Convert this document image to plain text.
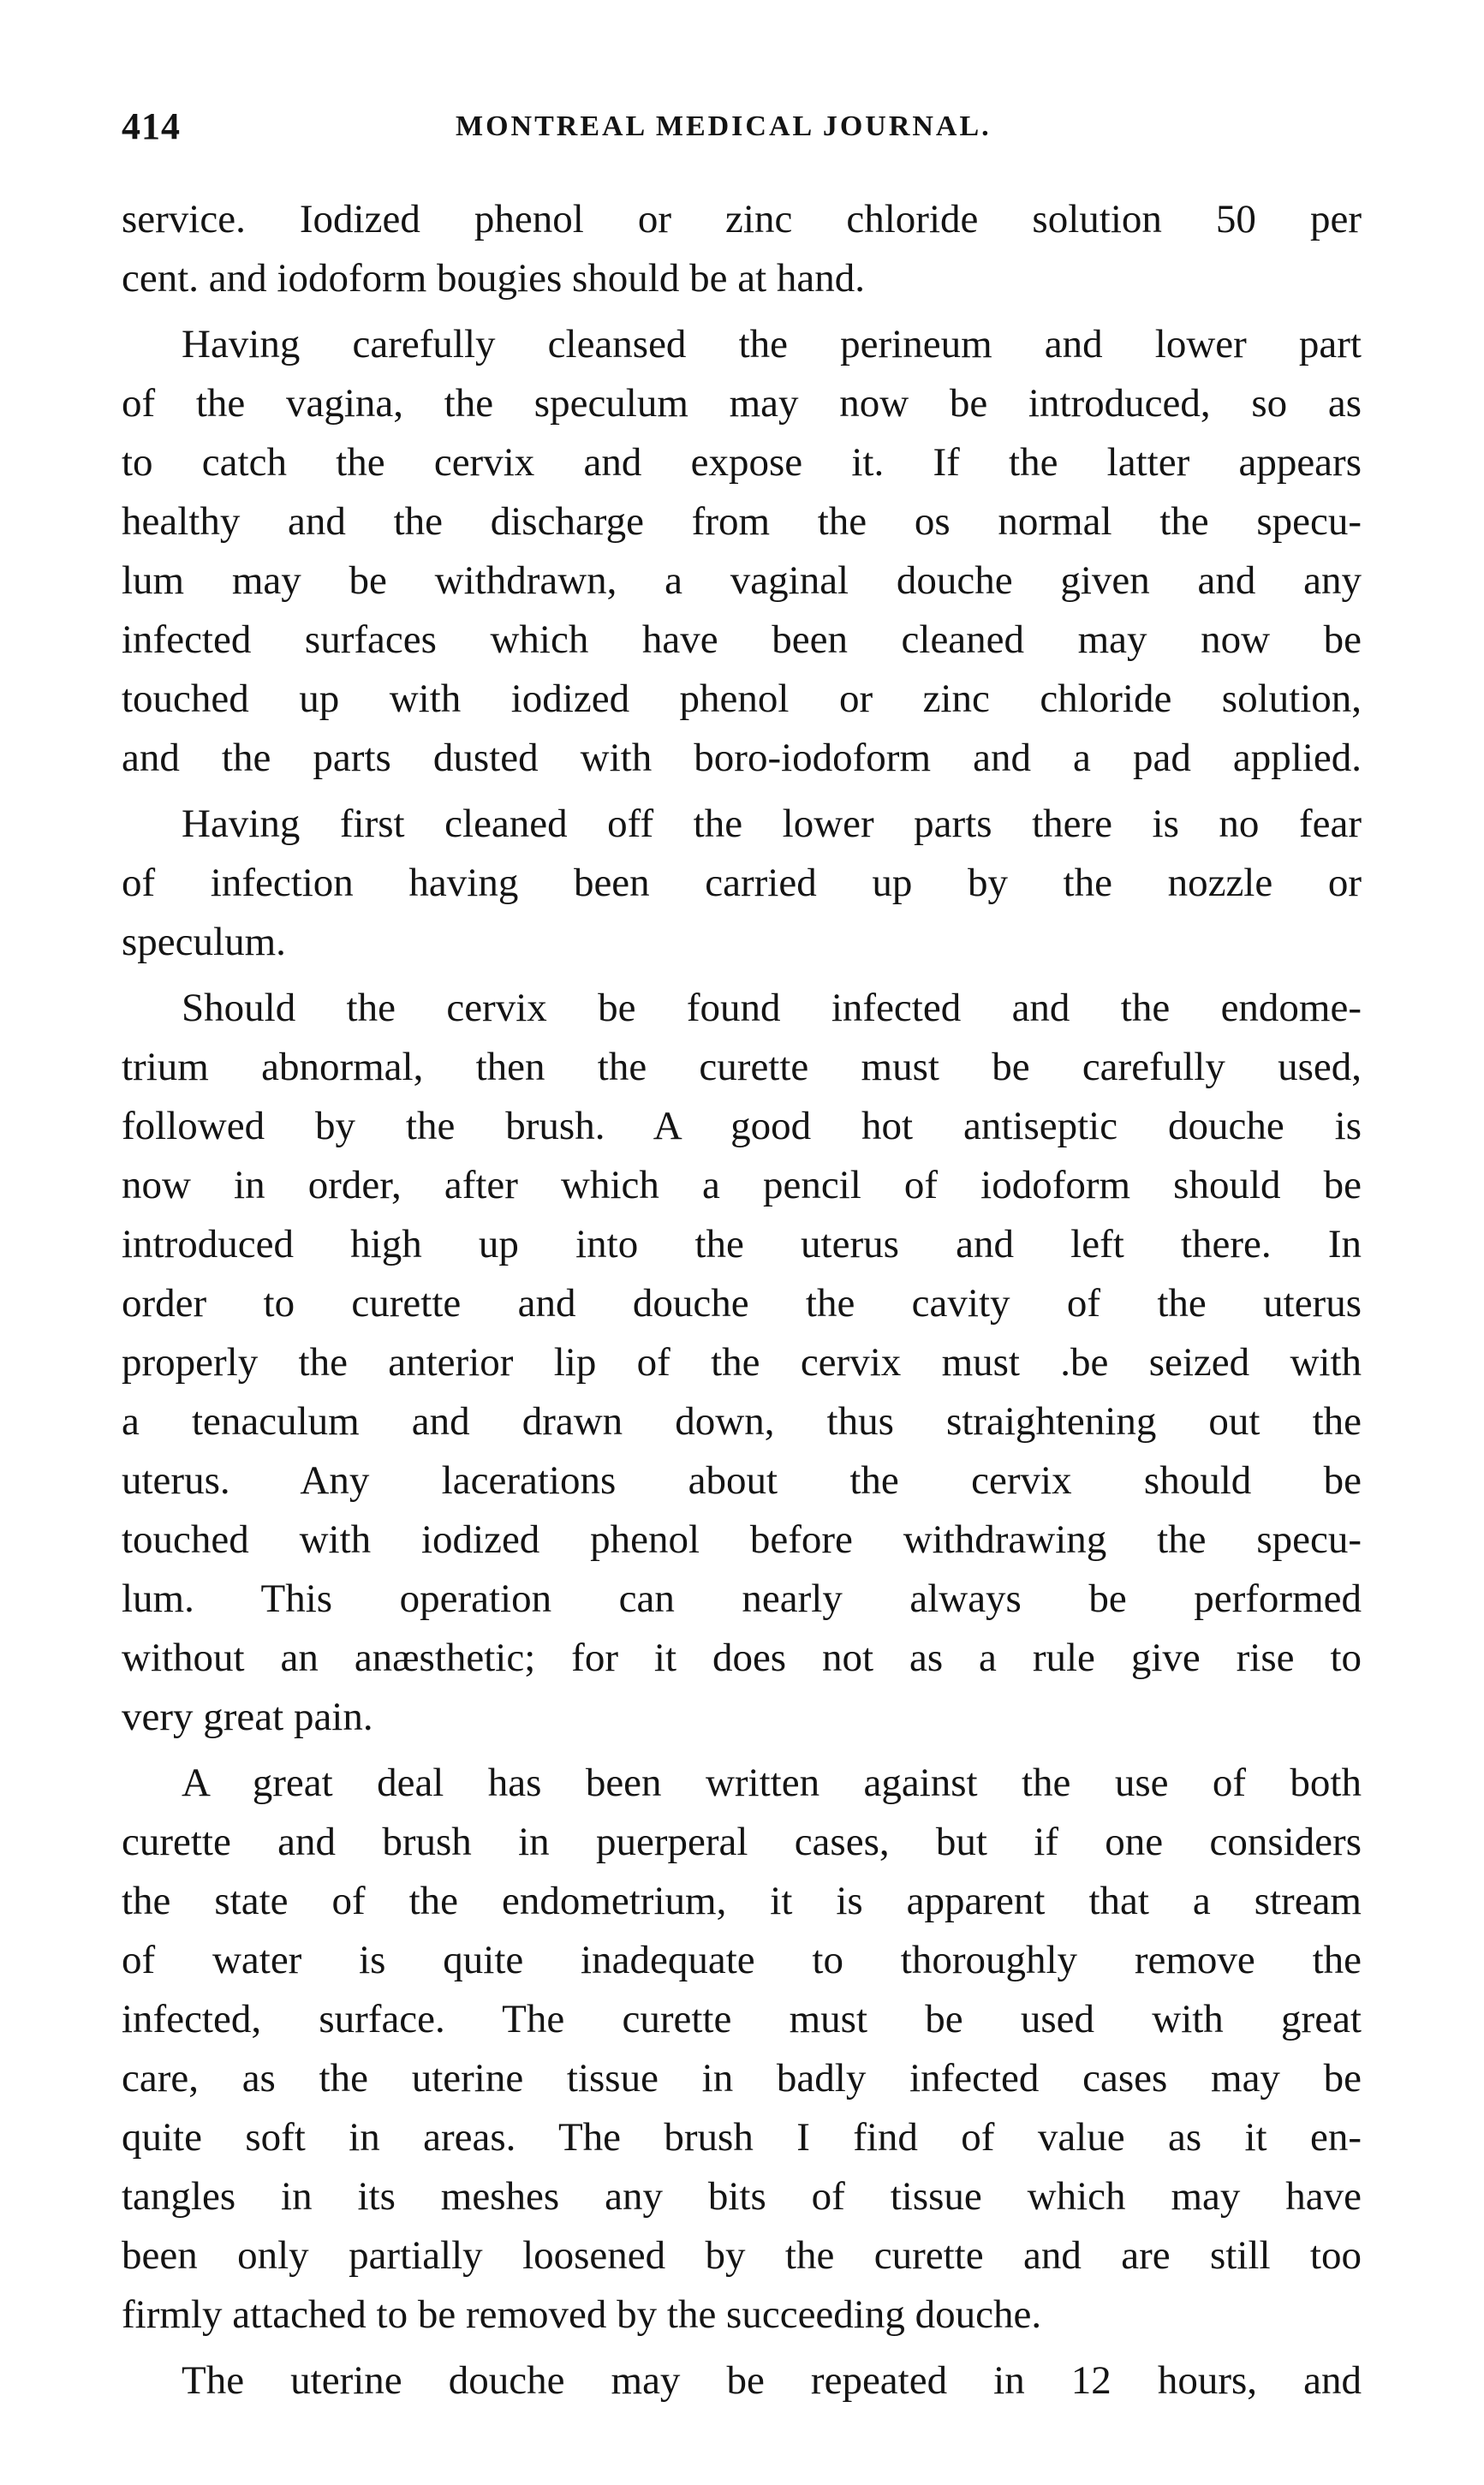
414	MONTREAL MEDICAL JOURNAL.
service. Iodized phenol or zinc chloride solution 50 per
cent. and iodoform bougies should be at hand.
Having carefully cleansed the perineum and lower part
of the vagina, the speculum may now be introduced, so as
to catch the cervix and expose it. If the latter appears
healthy and the discharge from the os normal the specu-
lum may be withdrawn, a vaginal douche given and any
infected surfaces which have been cleaned may now be
touched up with iodized phenol or zinc chloride solution,
and the parts dusted with boro-iodoform and a pad applied.
Having first cleaned off the lower parts there is no fear
of infection having been carried up by the nozzle or
speculum.
Should the cervix be found infected and the endome-
trium abnormal, then the curette must be carefully used,
followed by the brush. A good hot antiseptic douche is
now in order, after which a pencil of iodoform should be
introduced high up into the uterus and left there. In
order to curette and douche the cavity of the uterus
properly the anterior lip of the cervix must .be seized with
a tenaculum and drawn down, thus straightening out the
uterus. Any lacerations about the cervix should be
touched with iodized phenol before withdrawing the specu-
lum. This operation can nearly always be performed
without an anæsthetic; for it does not as a rule give rise to
very great pain.
A great deal has been written against the use of both
curette and brush in puerperal cases, but if one considers
the state of the endometrium, it is apparent that a stream
of water is quite inadequate to thoroughly remove the
infected, surface. The curette must be used with great
care, as the uterine tissue in badly infected cases may be
quite soft in areas. The brush I find of value as it en-
tangles in its meshes any bits of tissue which may have
been only partially loosened by the curette and are still too
firmly attached to be removed by the succeeding douche.
The uterine douche may be repeated in 12 hours, and
